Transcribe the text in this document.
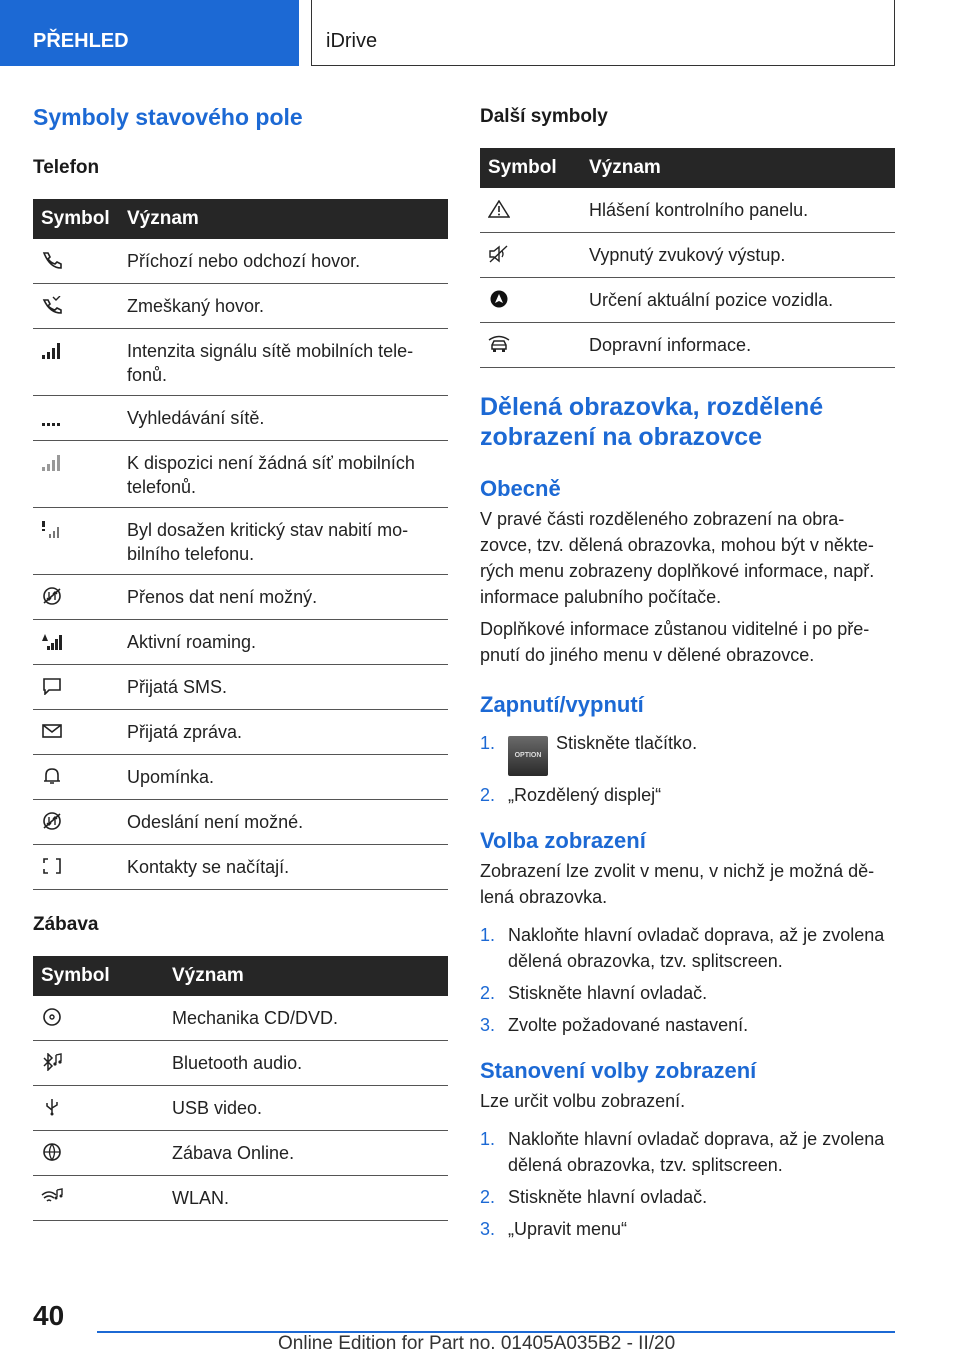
PŘEHLED	iDrive
Symboly stavového pole
Telefon
Symbol	Význam
	Příchozí nebo odchozí hovor.
	Zmeškaný hovor.
	Intenzita signálu sítě mobilních tele-fonů.
	Vyhledávání sítě.
	K dispozici není žádná síť mobilních telefonů.
	Byl dosažen kritický stav nabití mo-bilního telefonu.
	Přenos dat není možný.
	Aktivní roaming.
	Přijatá SMS.
	Přijatá zpráva.
	Upomínka.
	Odeslání není možné.
	Kontakty se načítají.
Zábava
Symbol	Význam
	Mechanika CD/DVD.
	Bluetooth audio.
	USB video.
	Zábava Online.
	WLAN.
Další symboly
Symbol	Význam
	Hlášení kontrolního panelu.
	Vypnutý zvukový výstup.
	Určení aktuální pozice vozidla.
	Dopravní informace.
Dělená obrazovka, rozdělené zobrazení na obrazovce
Obecně

V pravé části rozděleného zobrazení na obra-zovce, tzv. dělená obrazovka, mohou být v někte-rých menu zobrazeny doplňkové informace, např. informace palubního počítače.

Doplňkové informace zůstanou viditelné i po pře-pnutí do jiného menu v dělené obrazovce.

Zapnutí/vypnutí
1.
OPTIONStiskněte tlačítko.
2. „Rozdělený displej“
Volba zobrazení

Zobrazení lze zvolit v menu, v nichž je možná dě-lená obrazovka.

1. Nakloňte hlavní ovladač doprava, až je zvolena dělená obrazovka, tzv. splitscreen.
2. Stiskněte hlavní ovladač.
3. Zvolte požadované nastavení.
Stanovení volby zobrazení

Lze určit volbu zobrazení.

1. Nakloňte hlavní ovladač doprava, až je zvolena dělená obrazovka, tzv. splitscreen.
2. Stiskněte hlavní ovladač.
3. „Upravit menu“
40
Online Edition for Part no. 01405A035B2 - II/20
